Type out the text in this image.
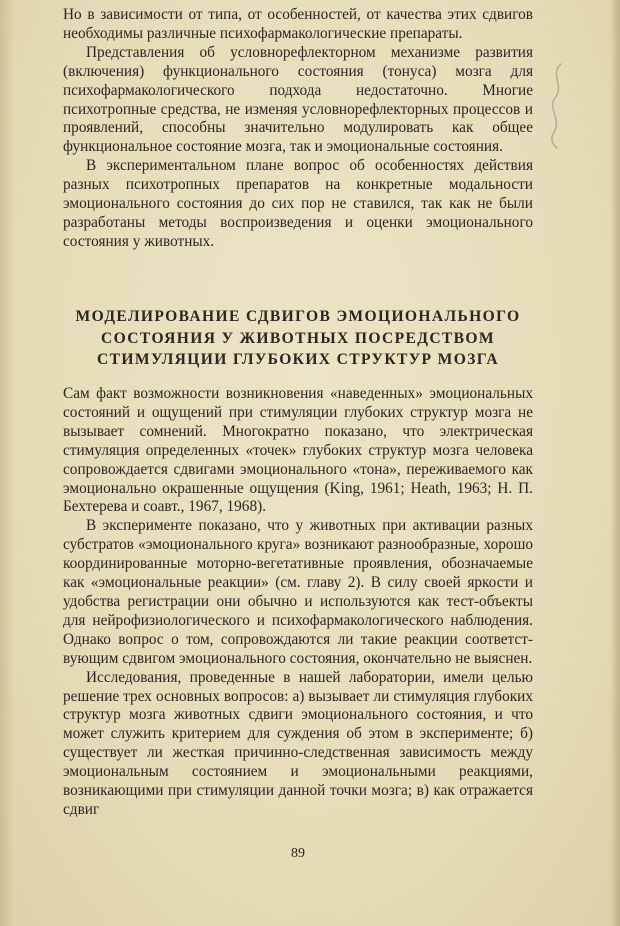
Но в зависимости от типа, от особенностей, от качества этих сдвигов необходимы различные психофармакологические препараты.

Представления об условнорефлекторном механизме развития (включения) функционального состояния (тонуса) мозга для психофармакологического подхода недостаточно. Многие психотропные средства, не изменяя условнорефлекторных процессов и проявлений, способны значительно модулировать как общее функциональное состояние мозга, так и эмоциональные состояния.

В экспериментальном плане вопрос об особенностях действия разных психотропных препаратов на конкретные модальности эмоционального состояния до сих пор не ставился, так как не были разработаны методы воспроизведения и оценки эмоционального состояния у животных.

МОДЕЛИРОВАНИЕ СДВИГОВ ЭМОЦИОНАЛЬНОГО
СОСТОЯНИЯ У ЖИВОТНЫХ ПОСРЕДСТВОМ
СТИМУЛЯЦИИ ГЛУБОКИХ СТРУКТУР МОЗГА

Сам факт возможности возникновения «наведенных» эмоциональных состояний и ощущений при стимуляции глубоких структур мозга не вызывает сомнений. Многократно показано, что электрическая стимуляция определенных «точек» глубоких структур мозга человека сопровождается сдвигами эмоционального «тона», переживаемого как эмоционально окрашенные ощущения (King, 1961; Heath, 1963; Н. П. Бехтерева и соавт., 1967, 1968).

В эксперименте показано, что у животных при активации разных субстратов «эмоционального круга» возникают разнообразные, хорошо координированные моторно-вегетативные проявления, обозначаемые как «эмоциональные реакции» (см. главу 2). В силу своей яркости и удобства регистрации они обычно и используются как тест-объекты для нейрофизиологического и психофармакологического наблюдения. Однако вопрос о том, сопровождаются ли такие реакции соответствующим сдвигом эмоционального состояния, окончательно не выяснен.

Исследования, проведенные в нашей лаборатории, имели целью решение трех основных вопросов: а) вызывает ли стимуляция глубоких структур мозга животных сдвиги эмоционального состояния, и что может служить критерием для суждения об этом в эксперименте; б) существует ли жесткая причинно-следственная зависимость между эмоциональным состоянием и эмоциональными реакциями, возникающими при стимуляции данной точки мозга; в) как отражается сдвиг

89
